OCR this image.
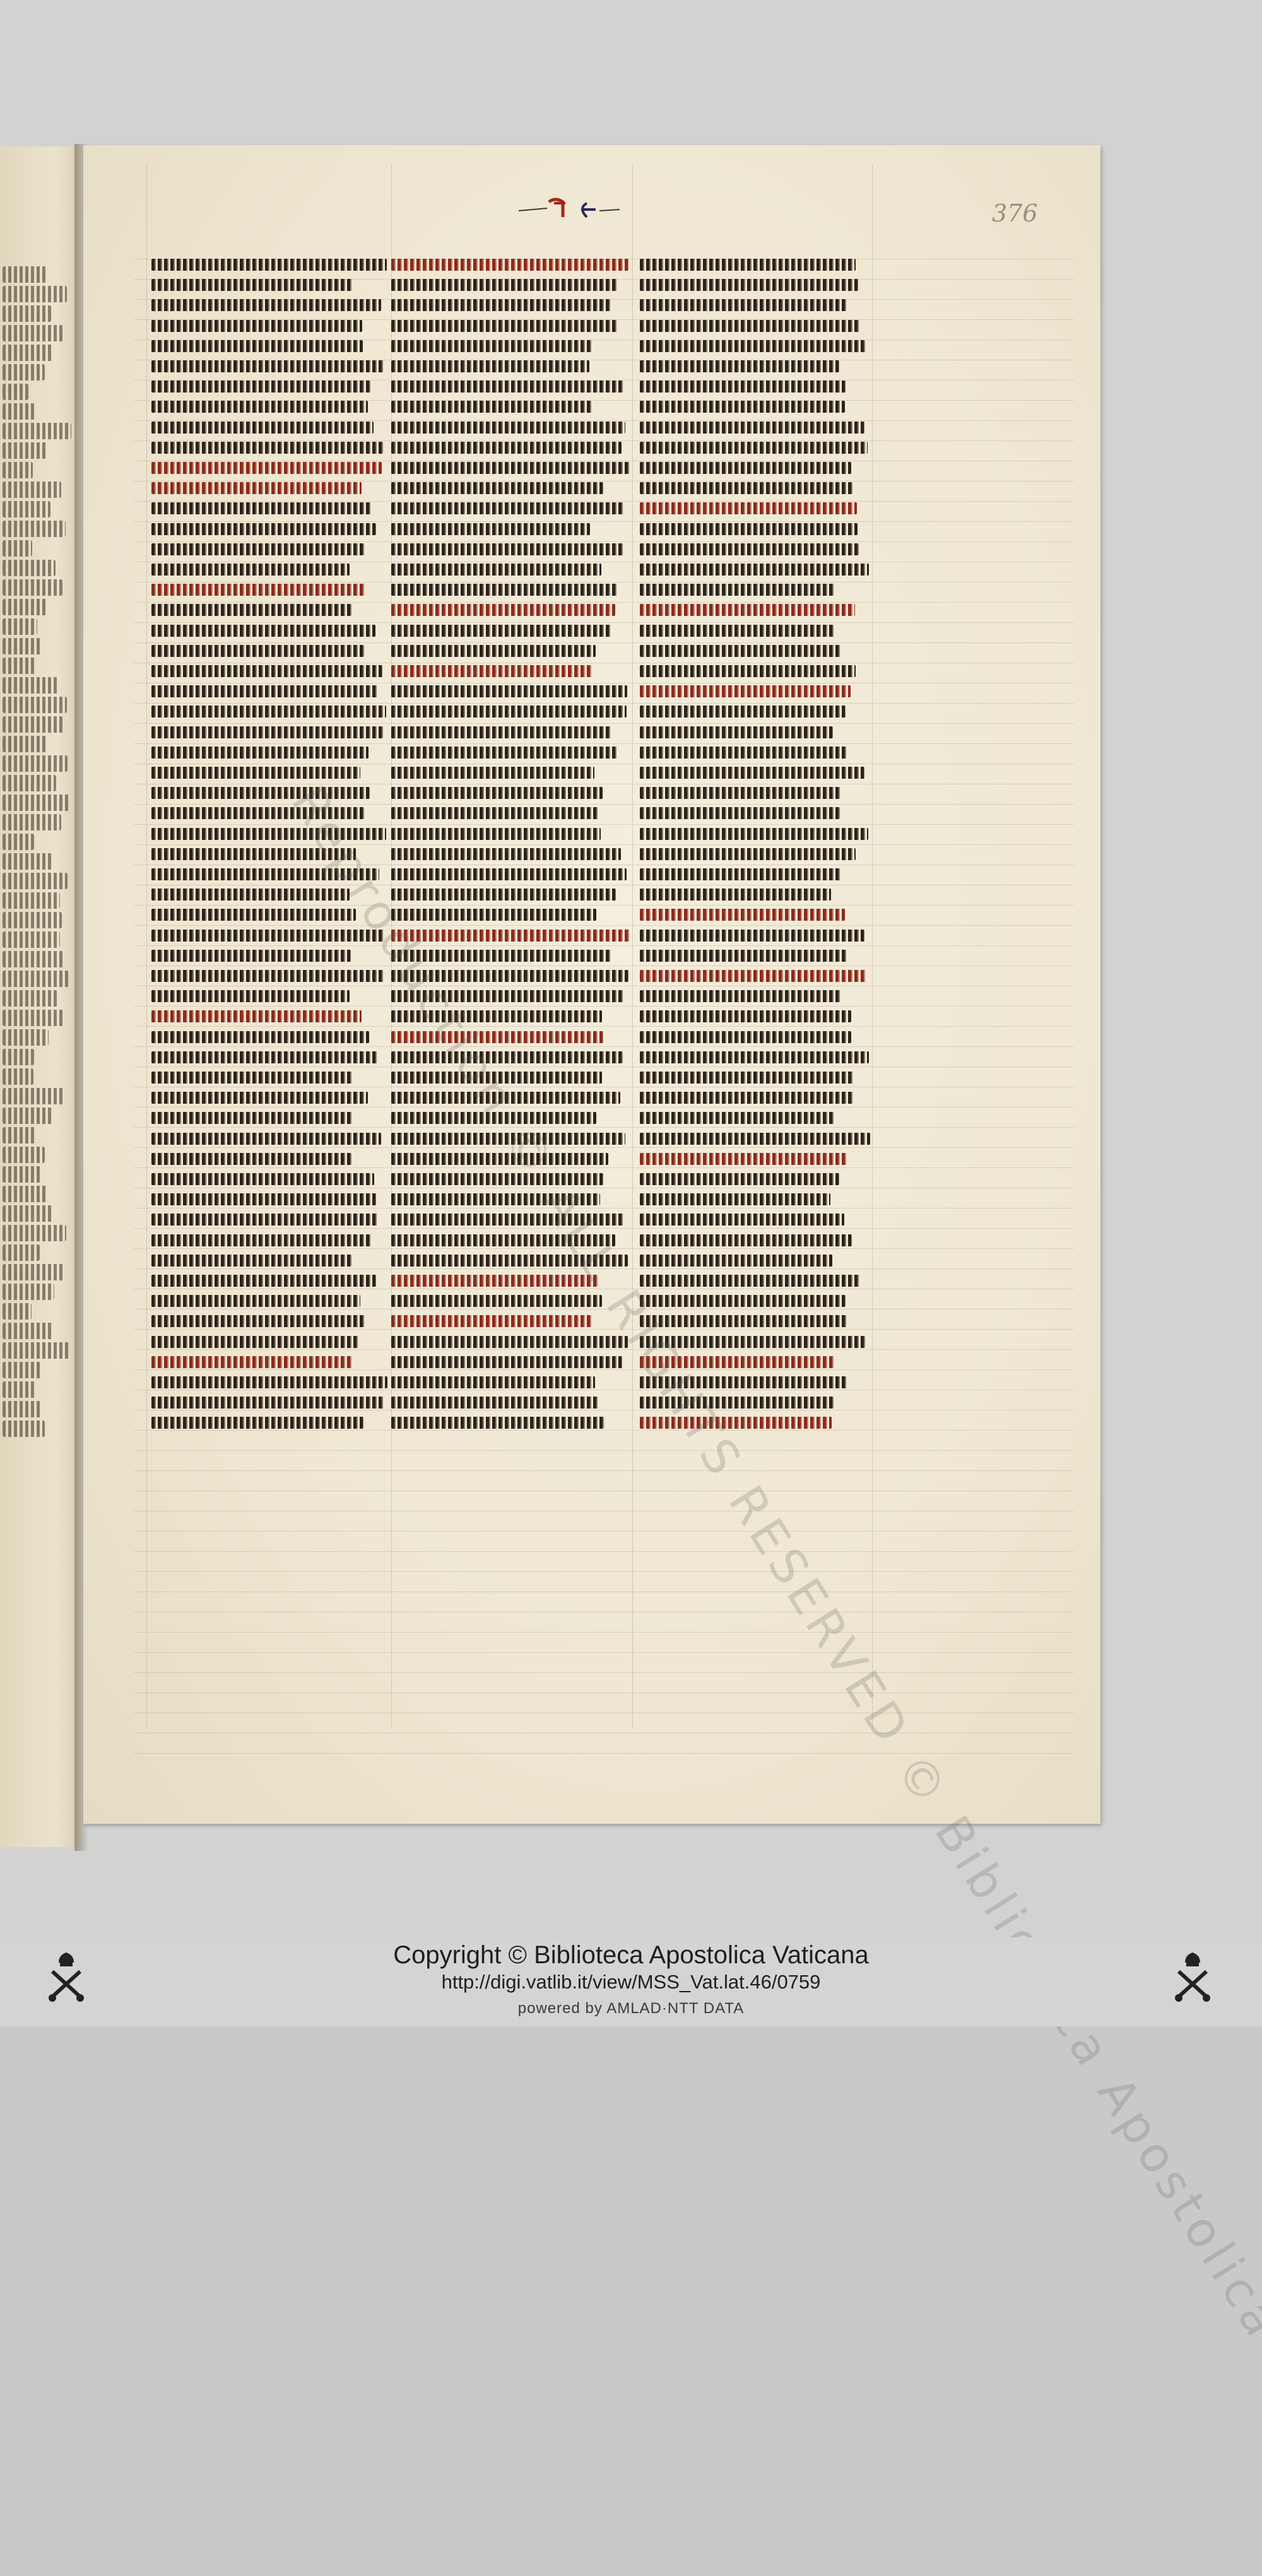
376
Reproduction © ALL RIGHTS RESERVED Apostolica Vaticana
Copyright © Biblioteca Apostolica Vaticana
http://digi.vatlib.it/view/MSS_Vat.lat.46/0759
powered by AMLAD·NTT DATA
